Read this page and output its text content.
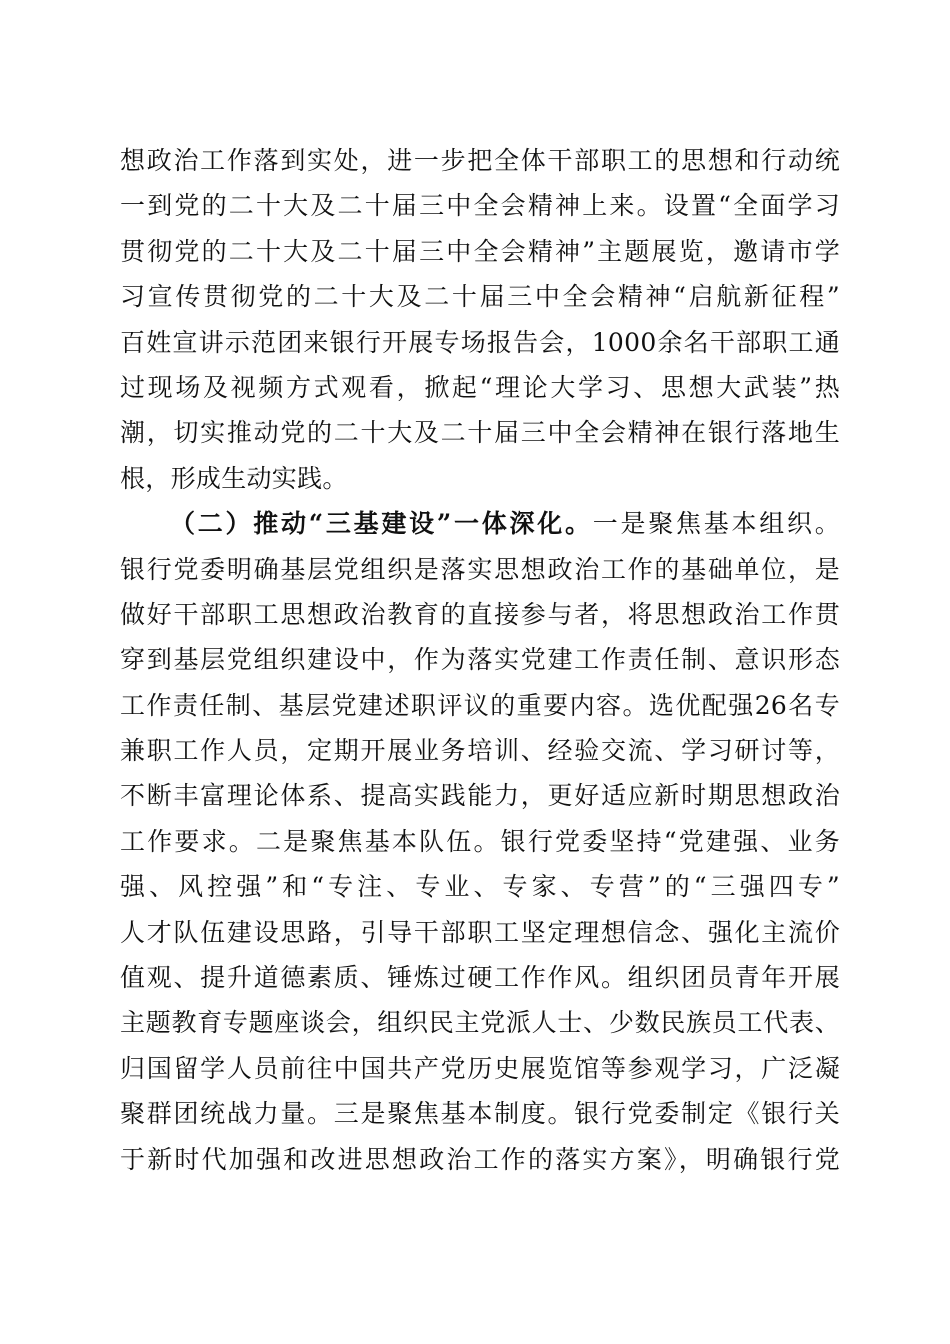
想政治工作落到实处，进一步把全体干部职工的思想和行动统
一到党的二十大及二十届三中全会精神上来。设置“全面学习
贯彻党的二十大及二十届三中全会精神”主题展览，邀请市学
习宣传贯彻党的二十大及二十届三中全会精神“启航新征程”
百姓宣讲示范团来银行开展专场报告会，1000余名干部职工通
过现场及视频方式观看，掀起“理论大学习、思想大武装”热
潮，切实推动党的二十大及二十届三中全会精神在银行落地生
根，形成生动实践。
（二）推动“三基建设”一体深化。一是聚焦基本组织。
银行党委明确基层党组织是落实思想政治工作的基础单位，是
做好干部职工思想政治教育的直接参与者，将思想政治工作贯
穿到基层党组织建设中，作为落实党建工作责任制、意识形态
工作责任制、基层党建述职评议的重要内容。选优配强26名专
兼职工作人员，定期开展业务培训、经验交流、学习研讨等，
不断丰富理论体系、提高实践能力，更好适应新时期思想政治
工作要求。二是聚焦基本队伍。银行党委坚持“党建强、业务
强、风控强”和“专注、专业、专家、专营”的“三强四专”
人才队伍建设思路，引导干部职工坚定理想信念、强化主流价
值观、提升道德素质、锤炼过硬工作作风。组织团员青年开展
主题教育专题座谈会，组织民主党派人士、少数民族员工代表、
归国留学人员前往中国共产党历史展览馆等参观学习，广泛凝
聚群团统战力量。三是聚焦基本制度。银行党委制定《银行关
于新时代加强和改进思想政治工作的落实方案》，明确银行党
